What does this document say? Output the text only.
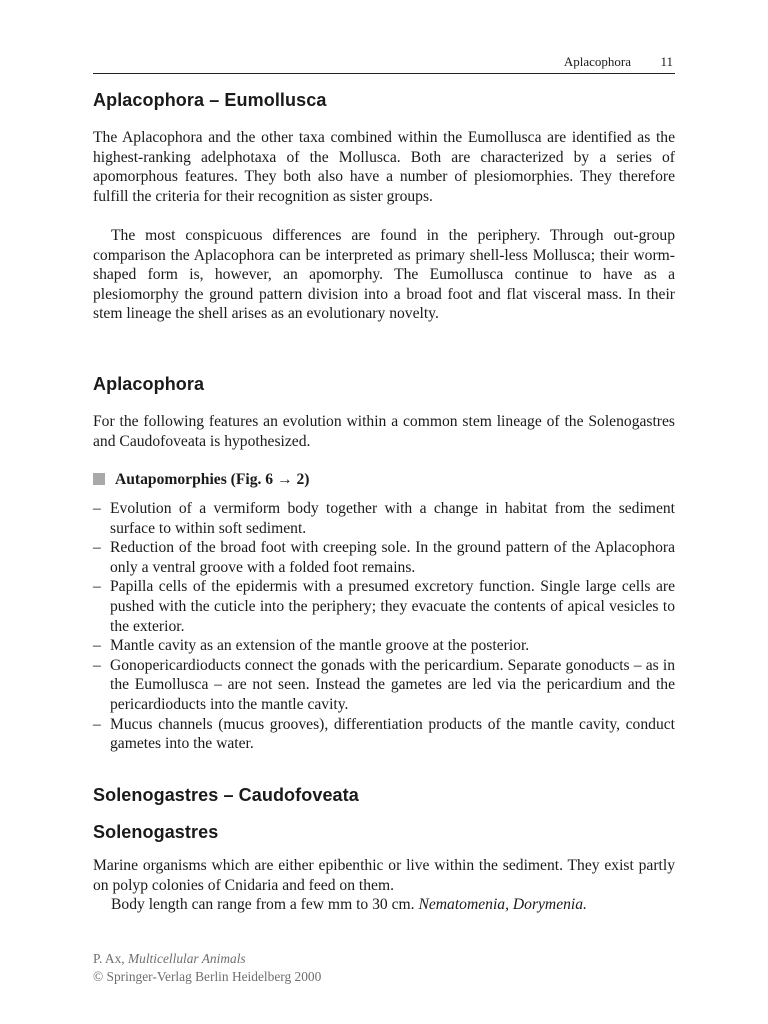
Aplacophora 11
Aplacophora – Eumollusca

The Aplacophora and the other taxa combined within the Eumollusca are identified as the highest-ranking adelphotaxa of the Mollusca. Both are characterized by a series of apomorphous features. They both also have a number of plesiomorphies. They therefore fulfill the criteria for their recognition as sister groups.

The most conspicuous differences are found in the periphery. Through out-group comparison the Aplacophora can be interpreted as primary shell-less Mollusca; their worm-shaped form is, however, an apomorphy. The Eumollusca continue to have as a plesiomorphy the ground pattern division into a broad foot and flat visceral mass. In their stem lineage the shell arises as an evolutionary novelty.

Aplacophora

For the following features an evolution within a common stem lineage of the Solenogastres and Caudofoveata is hypothesized.

Autapomorphies (Fig. 6 → 2)
– Evolution of a vermiform body together with a change in habitat from the sediment surface to within soft sediment.
– Reduction of the broad foot with creeping sole. In the ground pattern of the Aplacophora only a ventral groove with a folded foot remains.
– Papilla cells of the epidermis with a presumed excretory function. Single large cells are pushed with the cuticle into the periphery; they evacuate the contents of apical vesicles to the exterior.
– Mantle cavity as an extension of the mantle groove at the posterior.
– Gonopericardioducts connect the gonads with the pericardium. Separate gonoducts – as in the Eumollusca – are not seen. Instead the gametes are led via the pericardium and the pericardioducts into the mantle cavity.
– Mucus channels (mucus grooves), differentiation products of the mantle cavity, conduct gametes into the water.
Solenogastres – Caudofoveata
Solenogastres

Marine organisms which are either epibenthic or live within the sediment. They exist partly on polyp colonies of Cnidaria and feed on them.

Body length can range from a few mm to 30 cm. Nematomenia, Dorymenia.

P. Ax, Multicellular Animals
© Springer-Verlag Berlin Heidelberg 2000
